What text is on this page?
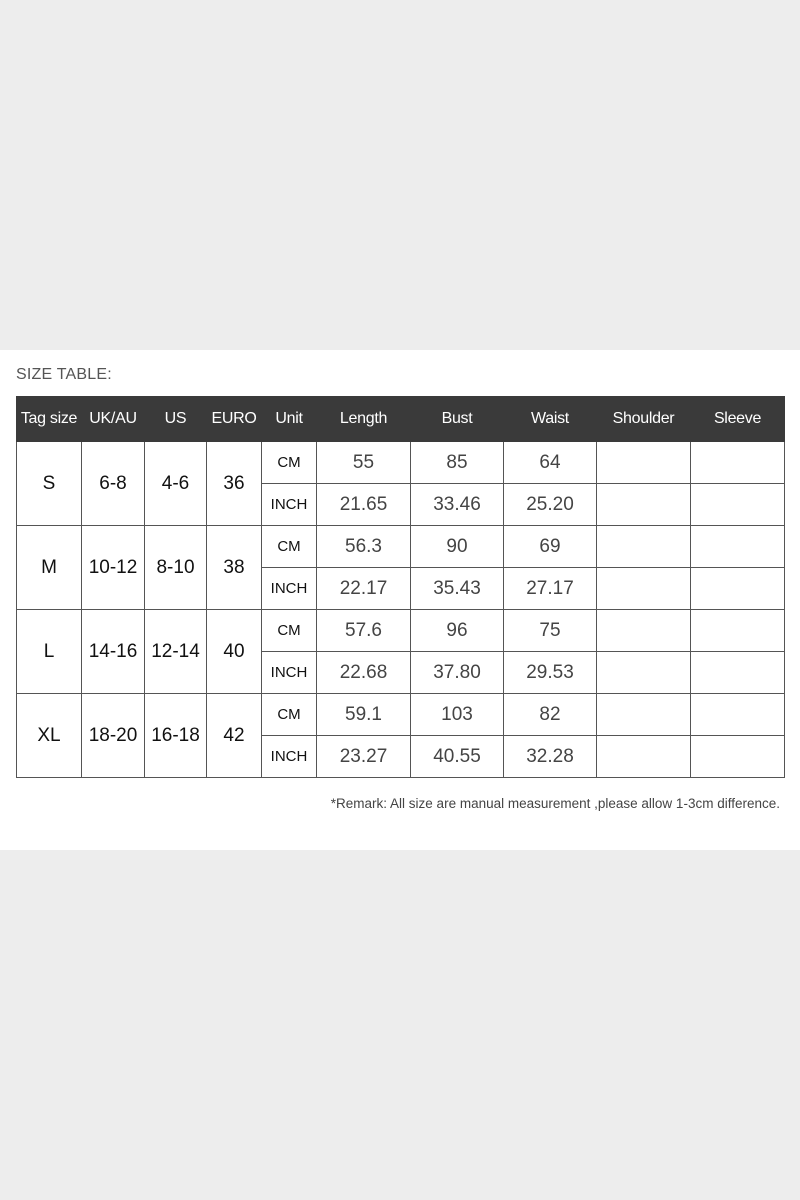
SIZE TABLE:
Tag size	UK/AU	US	EURO	Unit	Length	Bust	Waist	Shoulder	Sleeve
S	6-8	4-6	36	CM	55	85	64		
				INCH	21.65	33.46	25.20		
M	10-12	8-10	38	CM	56.3	90	69		
				INCH	22.17	35.43	27.17		
L	14-16	12-14	40	CM	57.6	96	75		
				INCH	22.68	37.80	29.53		
XL	18-20	16-18	42	CM	59.1	103	82		
				INCH	23.27	40.55	32.28		
*Remark: All size are manual measurement ,please allow 1-3cm difference.
